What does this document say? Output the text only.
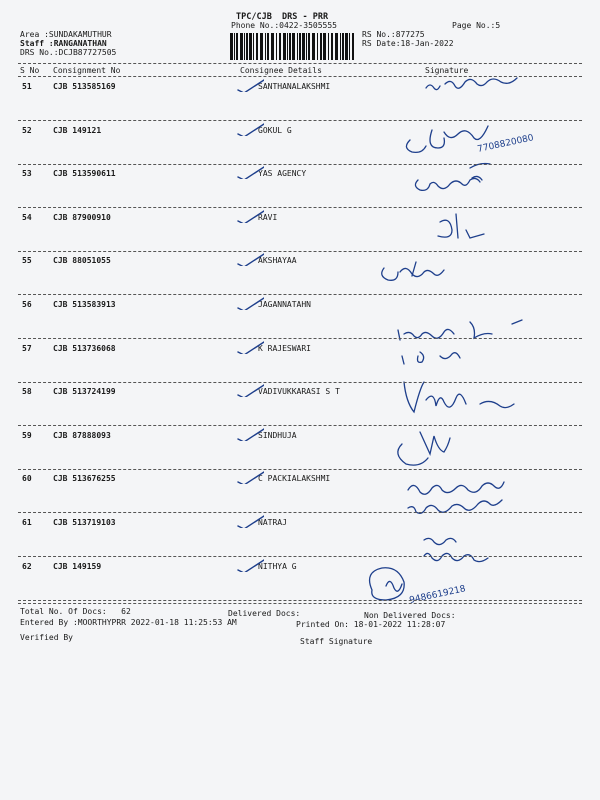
TPC/CJB  DRS - PRR
Phone No.:0422-3505555	Page No.:5
RS No.:877275
RS Date:18-Jan-2022
Area :SUNDAKAMUTHUR
Staff :RANGANATHAN
DRS No.:DCJB87727505
S No Consignment No	Consignee Details	Signature
51	CJB 513585169	SANTHANALAKSHMI
52	CJB 149121	GOKUL G
53	CJB 513590611	YAS AGENCY
54	CJB 87900910	RAVI
55	CJB 88051055	AKSHAYAA
56	CJB 513583913	JAGANNATAHN
57	CJB 513736068	K RAJESWARI
58	CJB 513724199	VADIVUKKARASI S T
59	CJB 87888093	SINDHUJA
60	CJB 513676255	C PACKIALAKSHMI
61	CJB 513719103	NATRAJ
62	CJB 149159	NITHYA G
7708820080
9486619218
Total No. Of Docs:   62	Delivered Docs:	Non Delivered Docs:
Entered By :MOORTHYPRR 2022-01-18 11:25:53 AM	Printed On: 18-01-2022 11:28:07
Verified By	Staff Signature
